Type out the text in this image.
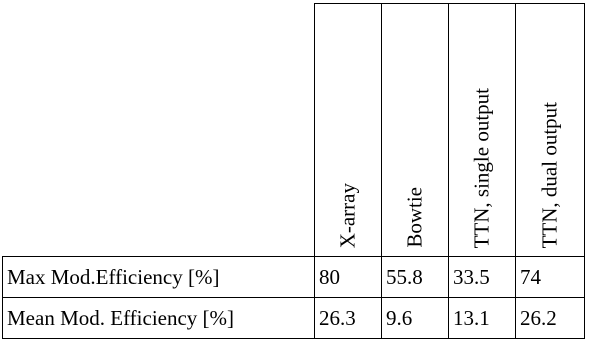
	X-array	Bowtie	TTN, single output	TTN, dual output

Max Mod.Efficiency [%]	80	55.8	33.5	74
Mean Mod. Efficiency [%]	26.3	9.6	13.1	26.2
